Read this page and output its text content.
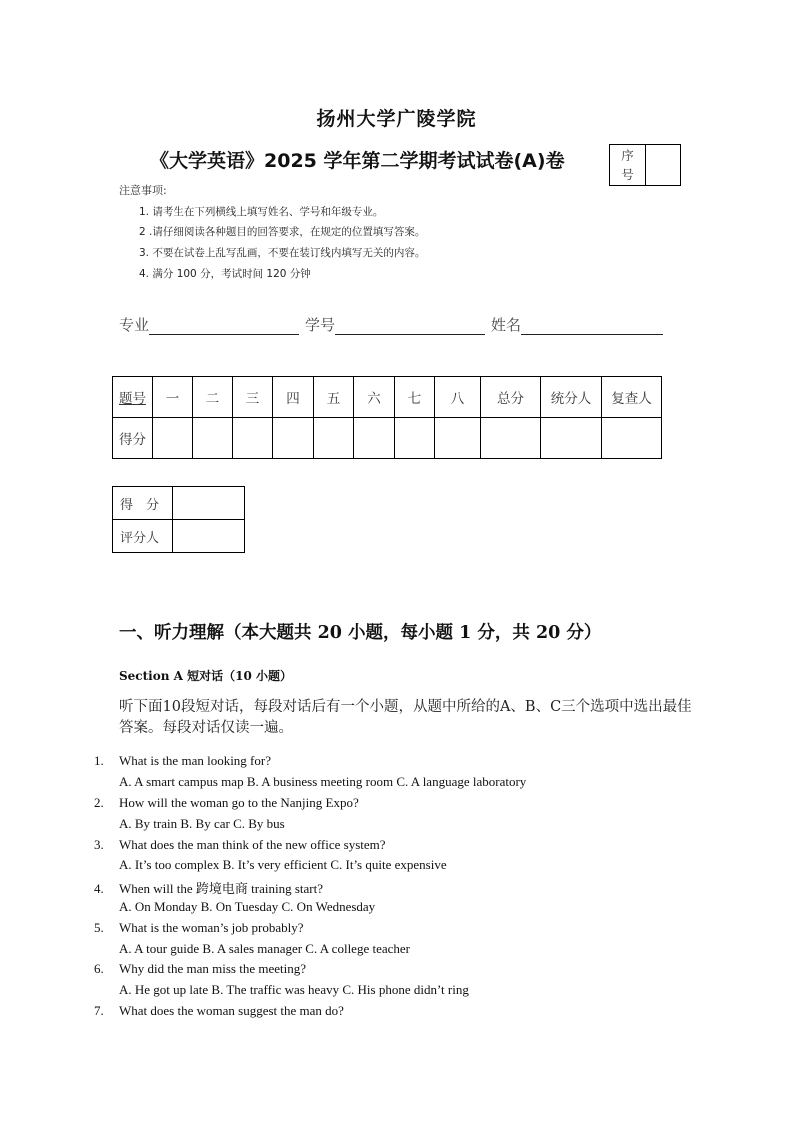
扬州大学广陵学院
《大学英语》2025 学年第二学期考试试卷(A)卷	序
号
注意事项:
1. 请考生在下列横线上填写姓名、学号和年级专业。
2 .请仔细阅读各种题目的回答要求，在规定的位置填写答案。
3. 不要在试卷上乱写乱画，不要在装订线内填写无关的内容。
4. 满分 100 分，考试时间 120 分钟
专业	学号	姓名
题号	一	二	三	四	五	六	七	八	总分	统分人	复查人
得分											
得　分	
评分人	
一、听力理解（本大题共 20 小题，每小题 1 分，共 20 分）
Section A 短对话（10 小题）
听下面10段短对话，每段对话后有一个小题，从题中所给的A、B、C三个选项中选出最佳答案。每段对话仅读一遍。
1. What is the man looking for?
A. A smart campus map B. A business meeting room C. A language laboratory
2. How will the woman go to the Nanjing Expo?
A. By train B. By car C. By bus
3. What does the man think of the new office system?
A. It’s too complex B. It’s very efficient C. It’s quite expensive
4. When will the 跨境电商 training start?
A. On Monday B. On Tuesday C. On Wednesday
5. What is the woman’s job probably?
A. A tour guide B. A sales manager C. A college teacher
6. Why did the man miss the meeting?
A. He got up late B. The traffic was heavy C. His phone didn’t ring
7. What does the woman suggest the man do?
